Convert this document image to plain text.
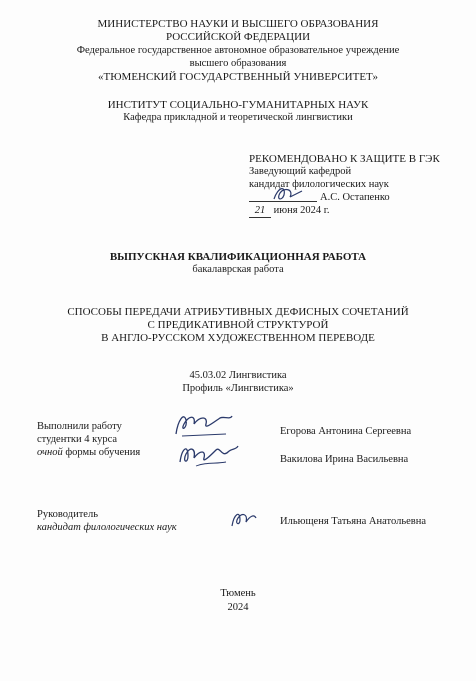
МИНИСТЕРСТВО НАУКИ И ВЫСШЕГО ОБРАЗОВАНИЯ
РОССИЙСКОЙ ФЕДЕРАЦИИ
Федеральное государственное автономное образовательное учреждение
высшего образования
«ТЮМЕНСКИЙ ГОСУДАРСТВЕННЫЙ УНИВЕРСИТЕТ»
ИНСТИТУТ СОЦИАЛЬНО-ГУМАНИТАРНЫХ НАУК
Кафедра прикладной и теоретической лингвистики
РЕКОМЕНДОВАНО К ЗАЩИТЕ В ГЭК
Заведующий кафедрой
кандидат филологических наук
А.С. Остапенко
21 июня 2024 г.
ВЫПУСКНАЯ КВАЛИФИКАЦИОННАЯ РАБОТА
бакалаврская работа
СПОСОБЫ ПЕРЕДАЧИ АТРИБУТИВНЫХ ДЕФИСНЫХ СОЧЕТАНИЙ
С ПРЕДИКАТИВНОЙ СТРУКТУРОЙ
В АНГЛО-РУССКОМ ХУДОЖЕСТВЕННОМ ПЕРЕВОДЕ
45.03.02 Лингвистика
Профиль «Лингвистика»
Выполнили работу
студентки 4 курса
очной формы обучения
Егорова Антонина Сергеевна
Вакилова Ирина Васильевна
Руководитель
кандидат филологических наук
Ильющеня Татьяна Анатольевна
Тюмень
2024
